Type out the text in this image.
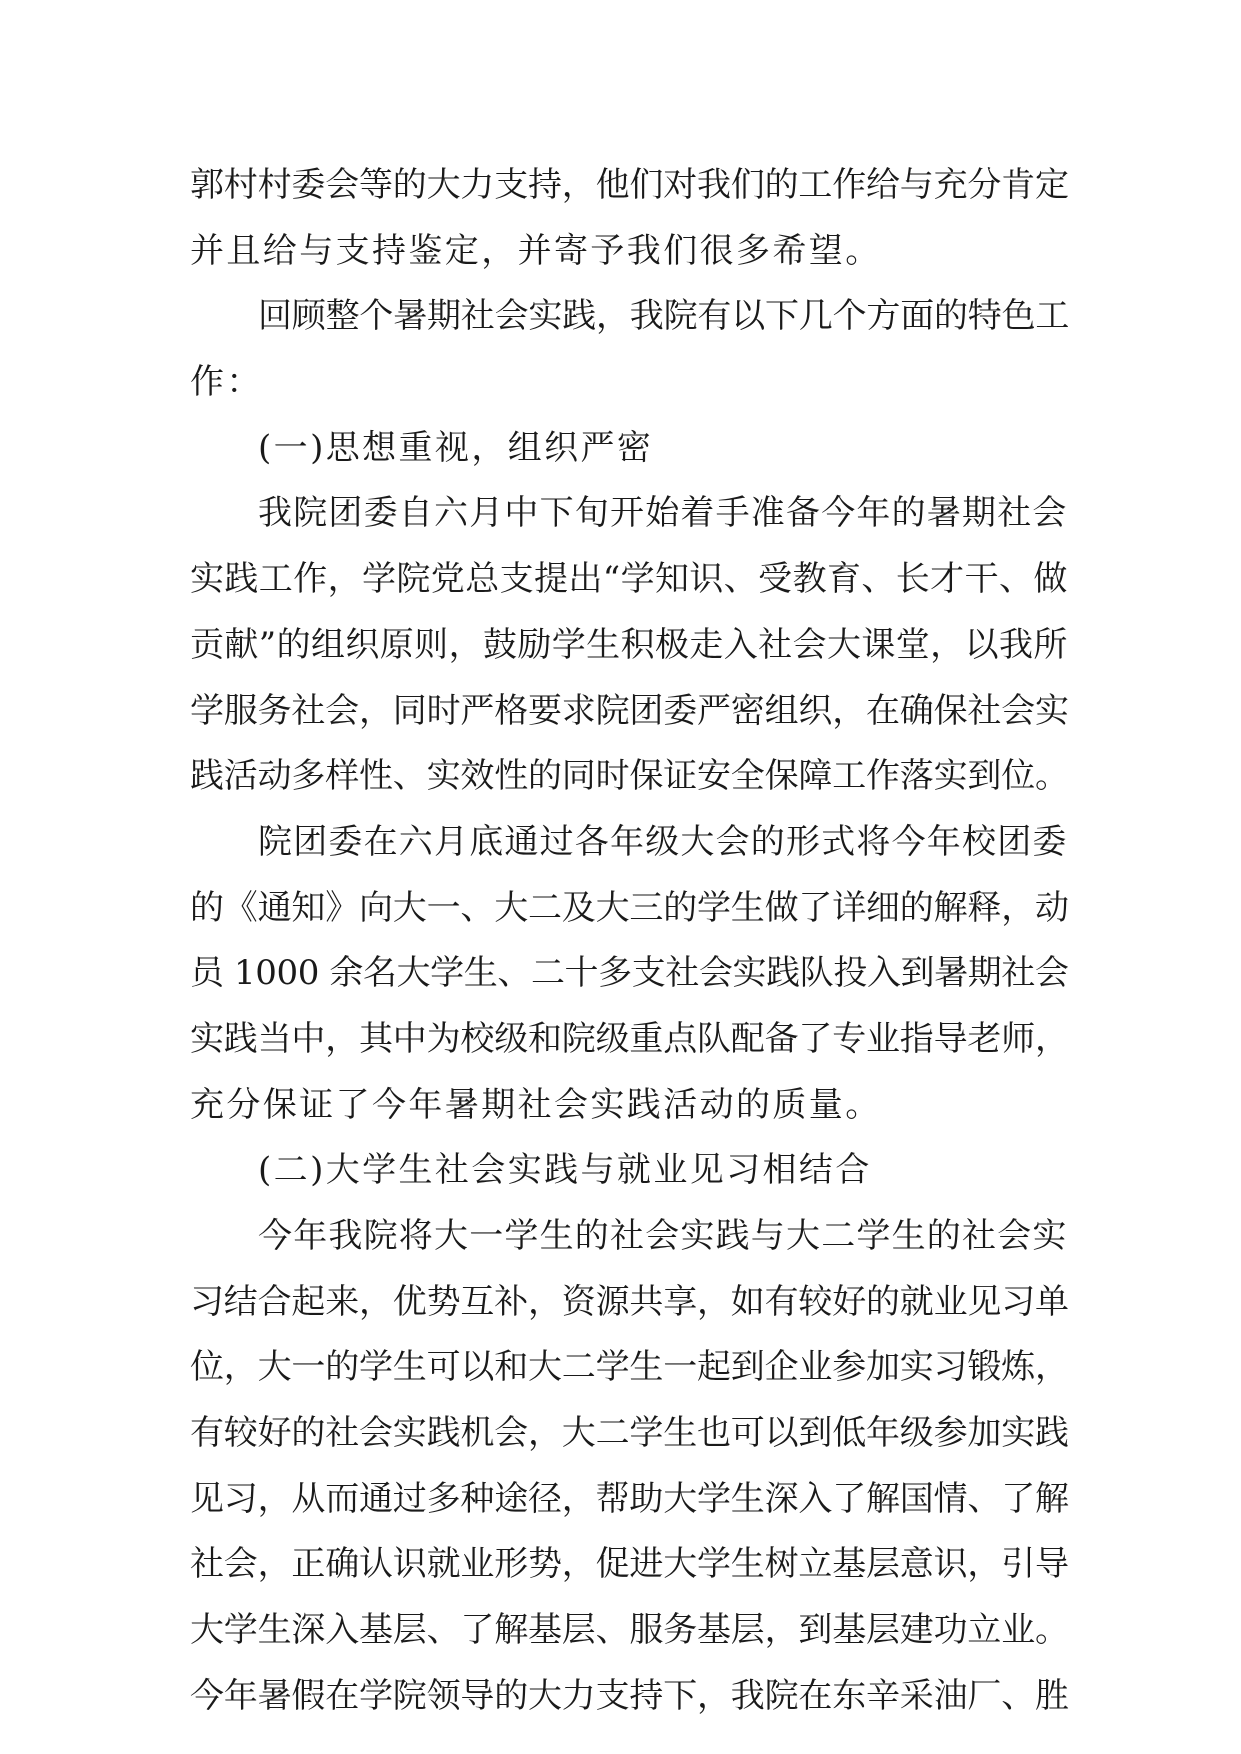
郭村村委会等的大力支持，他们对我们的工作给与充分肯定
并且给与支持鉴定，并寄予我们很多希望。
回顾整个暑期社会实践，我院有以下几个方面的特色工
作：
(一)思想重视，组织严密
我院团委自六月中下旬开始着手准备今年的暑期社会
实践工作，学院党总支提出“学知识、受教育、长才干、做
贡献”的组织原则，鼓励学生积极走入社会大课堂，以我所
学服务社会，同时严格要求院团委严密组织，在确保社会实
践活动多样性、实效性的同时保证安全保障工作落实到位。
院团委在六月底通过各年级大会的形式将今年校团委
的《通知》向大一、大二及大三的学生做了详细的解释，动
员 1000 余名大学生、二十多支社会实践队投入到暑期社会
实践当中，其中为校级和院级重点队配备了专业指导老师，
充分保证了今年暑期社会实践活动的质量。
(二)大学生社会实践与就业见习相结合
今年我院将大一学生的社会实践与大二学生的社会实
习结合起来，优势互补，资源共享，如有较好的就业见习单
位，大一的学生可以和大二学生一起到企业参加实习锻炼，
有较好的社会实践机会，大二学生也可以到低年级参加实践
见习，从而通过多种途径，帮助大学生深入了解国情、了解
社会，正确认识就业形势，促进大学生树立基层意识，引导
大学生深入基层、了解基层、服务基层，到基层建功立业。
今年暑假在学院领导的大力支持下，我院在东辛采油厂、胜
